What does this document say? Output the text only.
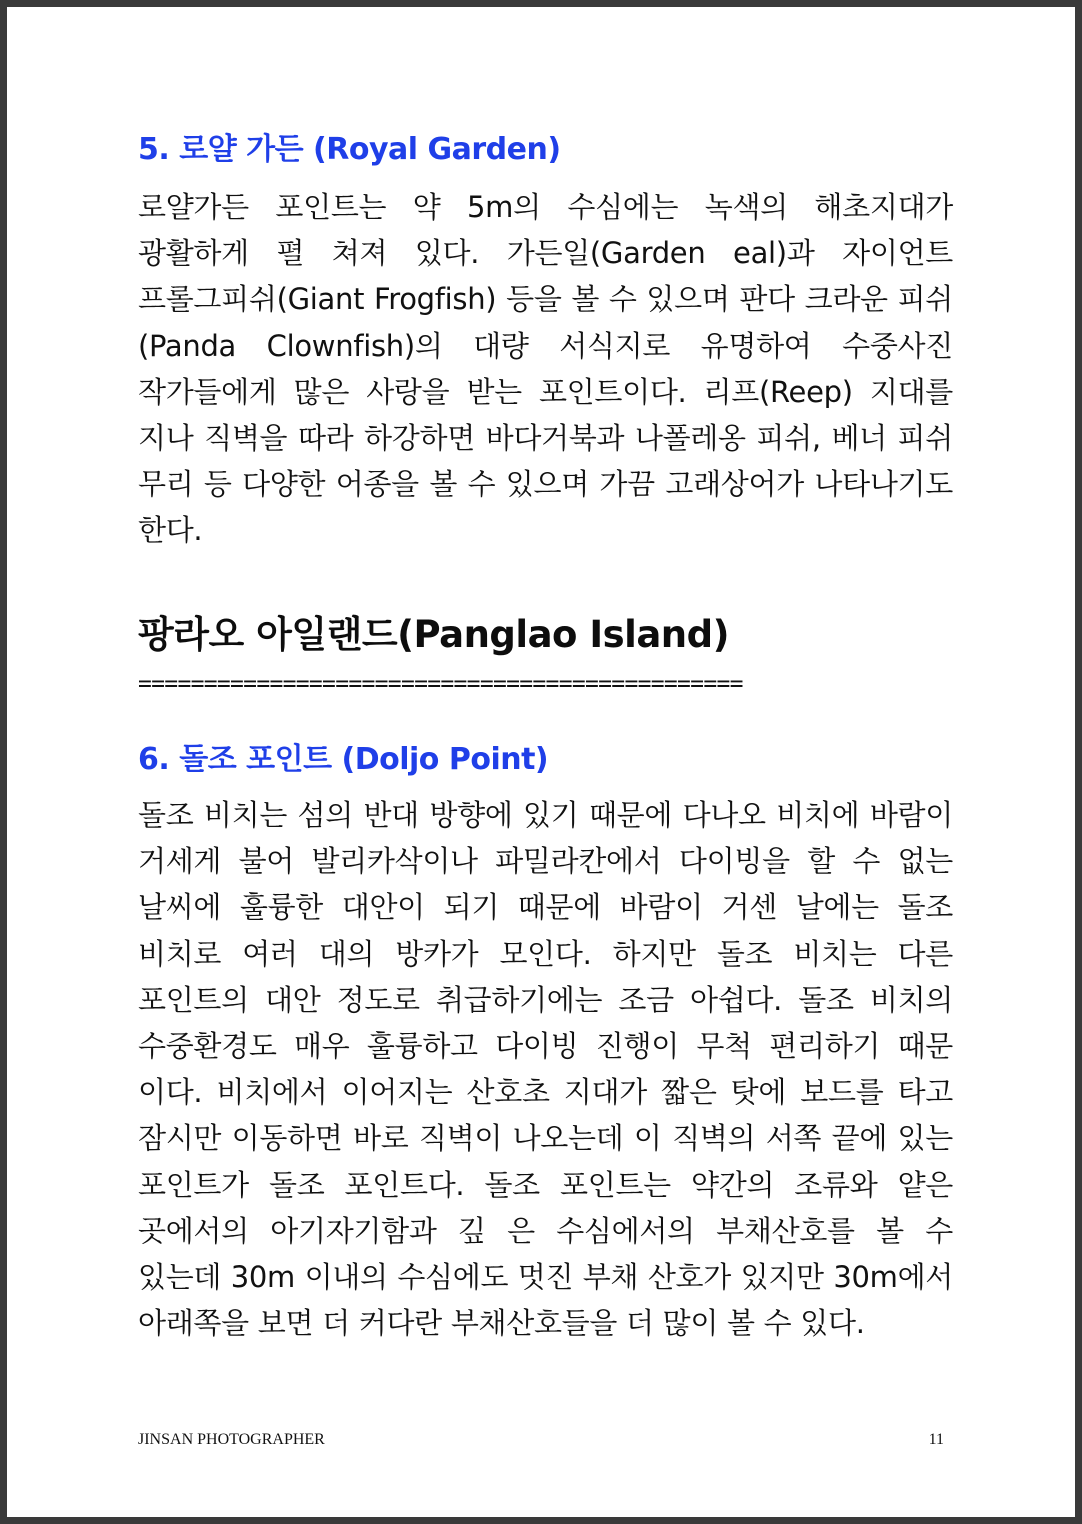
5. 로얄 가든 (Royal Garden)

로얄가든 포인트는 약 5m의 수심에는 녹색의 해초지대가 광활하게 펼 쳐져 있다. 가든일(Garden eal)과 자이언트 프롤그피쉬(Giant Frogfish) 등을 볼 수 있으며 판다 크라운 피쉬(Panda Clownfish)의 대량 서식지로 유명하여 수중사진 작가들에게 많은 사랑을 받는 포인트이다. 리프(Reep) 지대를 지나 직벽을 따라 하강하면 바다거북과 나폴레옹 피쉬, 베너 피쉬 무리 등 다양한 어종을 볼 수 있으며 가끔 고래상어가 나타나기도 한다.

팡라오 아일랜드(Panglao Island)
==============================================
6. 돌조 포인트 (Doljo Point)

돌조 비치는 섬의 반대 방향에 있기 때문에 다나오 비치에 바람이 거세게 불어 발리카삭이나 파밀라칸에서 다이빙을 할 수 없는 날씨에 훌륭한 대안이 되기 때문에 바람이 거센 날에는 돌조 비치로 여러 대의 방카가 모인다. 하지만 돌조 비치는 다른 포인트의 대안 정도로 취급하기에는 조금 아쉽다. 돌조 비치의 수중환경도 매우 훌륭하고 다이빙 진행이 무척 편리하기 때문 이다. 비치에서 이어지는 산호초 지대가 짧은 탓에 보드를 타고 잠시만 이동하면 바로 직벽이 나오는데 이 직벽의 서쪽 끝에 있는 포인트가 돌조 포인트다. 돌조 포인트는 약간의 조류와 얕은 곳에서의 아기자기함과 깊 은 수심에서의 부채산호를 볼 수 있는데 30m 이내의 수심에도 멋진 부채 산호가 있지만 30m에서 아래쪽을 보면 더 커다란 부채산호들을 더 많이 볼 수 있다.

JINSAN PHOTOGRAPHER	11
